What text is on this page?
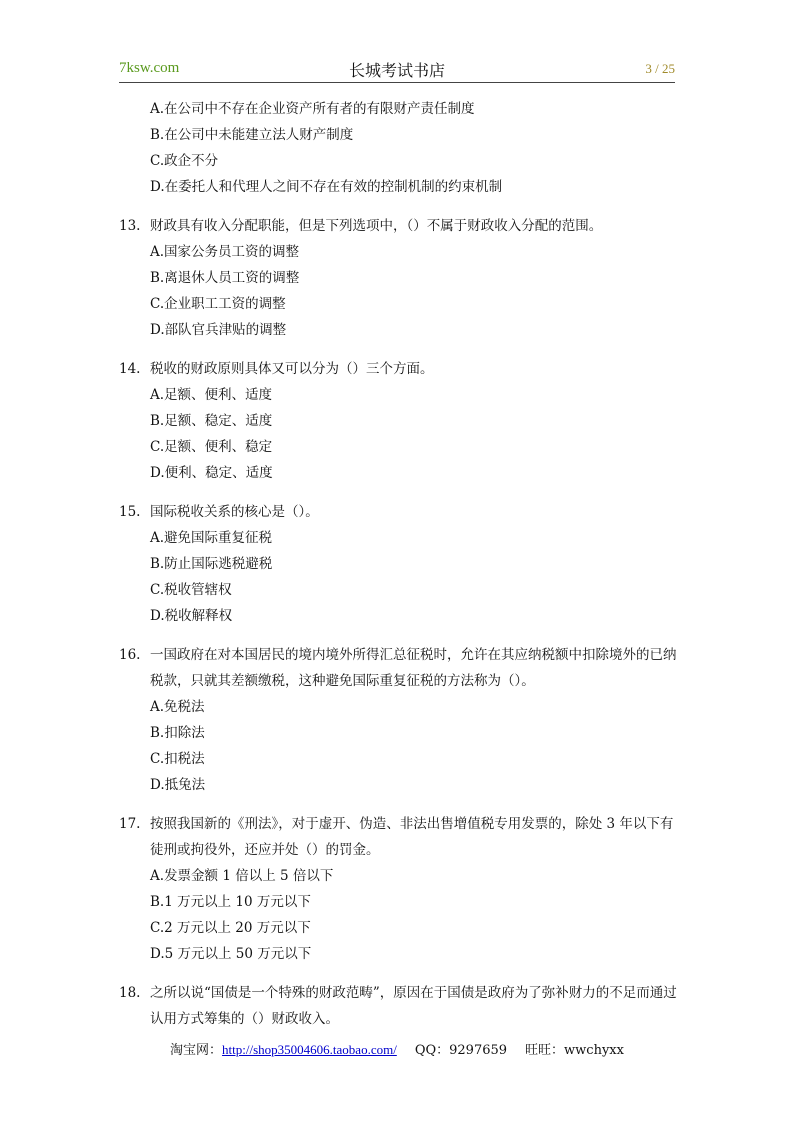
7ksw.com	长城考试书店	3 / 25
A.在公司中不存在企业资产所有者的有限财产责任制度
B.在公司中未能建立法人财产制度
C.政企不分
D.在委托人和代理人之间不存在有效的控制机制的约束机制
13. 财政具有收入分配职能，但是下列选项中，（）不属于财政收入分配的范围。
A.国家公务员工资的调整
B.离退休人员工资的调整
C.企业职工工资的调整
D.部队官兵津贴的调整
14. 税收的财政原则具体又可以分为（）三个方面。
A.足额、便利、适度
B.足额、稳定、适度
C.足额、便利、稳定
D.便利、稳定、适度
15. 国际税收关系的核心是（）。
A.避免国际重复征税
B.防止国际逃税避税
C.税收管辖权
D.税收解释权
16. 一国政府在对本国居民的境内境外所得汇总征税时，允许在其应纳税额中扣除境外的已纳税款，只就其差额缴税，这种避免国际重复征税的方法称为（）。
A.免税法
B.扣除法
C.扣税法
D.抵兔法
17. 按照我国新的《刑法》，对于虚开、伪造、非法出售增值税专用发票的，除处 3 年以下有徒刑或拘役外，还应并处（）的罚金。
A.发票金额 1 倍以上 5 倍以下
B.1 万元以上 10 万元以下
C.2 万元以上 20 万元以下
D.5 万元以上 50 万元以下
18. 之所以说“国债是一个特殊的财政范畴”，原因在于国债是政府为了弥补财力的不足而通过认用方式筹集的（）财政收入。
淘宝网：http://shop35004606.taobao.com/ QQ：9297659 旺旺：wwchyxx
